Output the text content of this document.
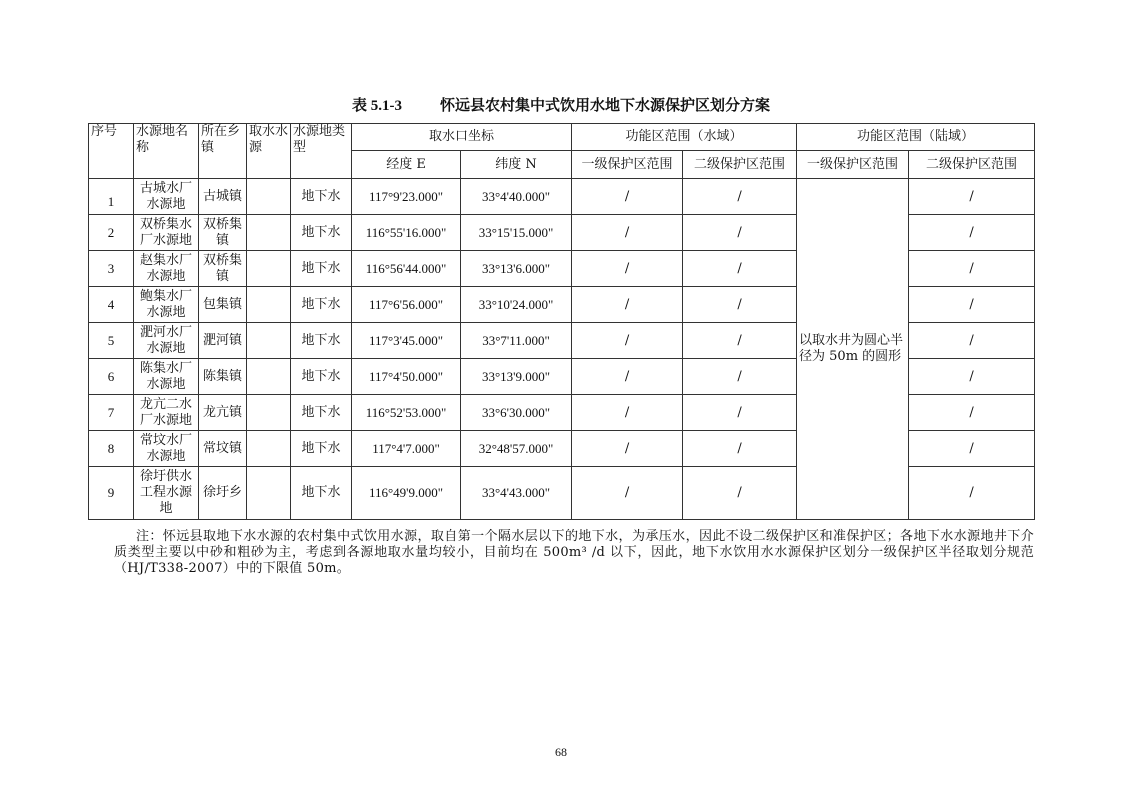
表 5.1-3	怀远县农村集中式饮用水地下水源保护区划分方案
序号	水源地名称	所在乡镇	取水水源	水源地类型	取水口坐标		功能区范围（水域）		功能区范围（陆域）	
					经度 E	纬度 N	一级保护区范围	二级保护区范围	一级保护区范围	二级保护区范围
1	古城水厂水源地	古城镇		地下水	117°9'23.000"	33°4'40.000"	/	/	以取水井为圆心半径为 50m 的圆形	/
2	双桥集水厂水源地	双桥集镇		地下水	116°55'16.000"	33°15'15.000"	/	/		/
3	赵集水厂水源地	双桥集镇		地下水	116°56'44.000"	33°13'6.000"	/	/		/
4	鲍集水厂水源地	包集镇		地下水	117°6'56.000"	33°10'24.000"	/	/		/
5	淝河水厂水源地	淝河镇		地下水	117°3'45.000"	33°7'11.000"	/	/		/
6	陈集水厂水源地	陈集镇		地下水	117°4'50.000"	33°13'9.000"	/	/		/
7	龙亢二水厂水源地	龙亢镇		地下水	116°52'53.000"	33°6'30.000"	/	/		/
8	常坟水厂水源地	常坟镇		地下水	117°4'7.000"	32°48'57.000"	/	/		/
9	徐圩供水工程水源地	徐圩乡		地下水	116°49'9.000"	33°4'43.000"	/	/		/
注：怀远县取地下水水源的农村集中式饮用水源，取自第一个隔水层以下的地下水，为承压水，因此不设二级保护区和准保护区；各地下水水源地井下介质类型主要以中砂和粗砂为主，考虑到各源地取水量均较小，目前均在 500m³ /d 以下，因此，地下水饮用水水源保护区划分一级保护区半径取划分规范（HJ/T338-2007）中的下限值 50m。
68
